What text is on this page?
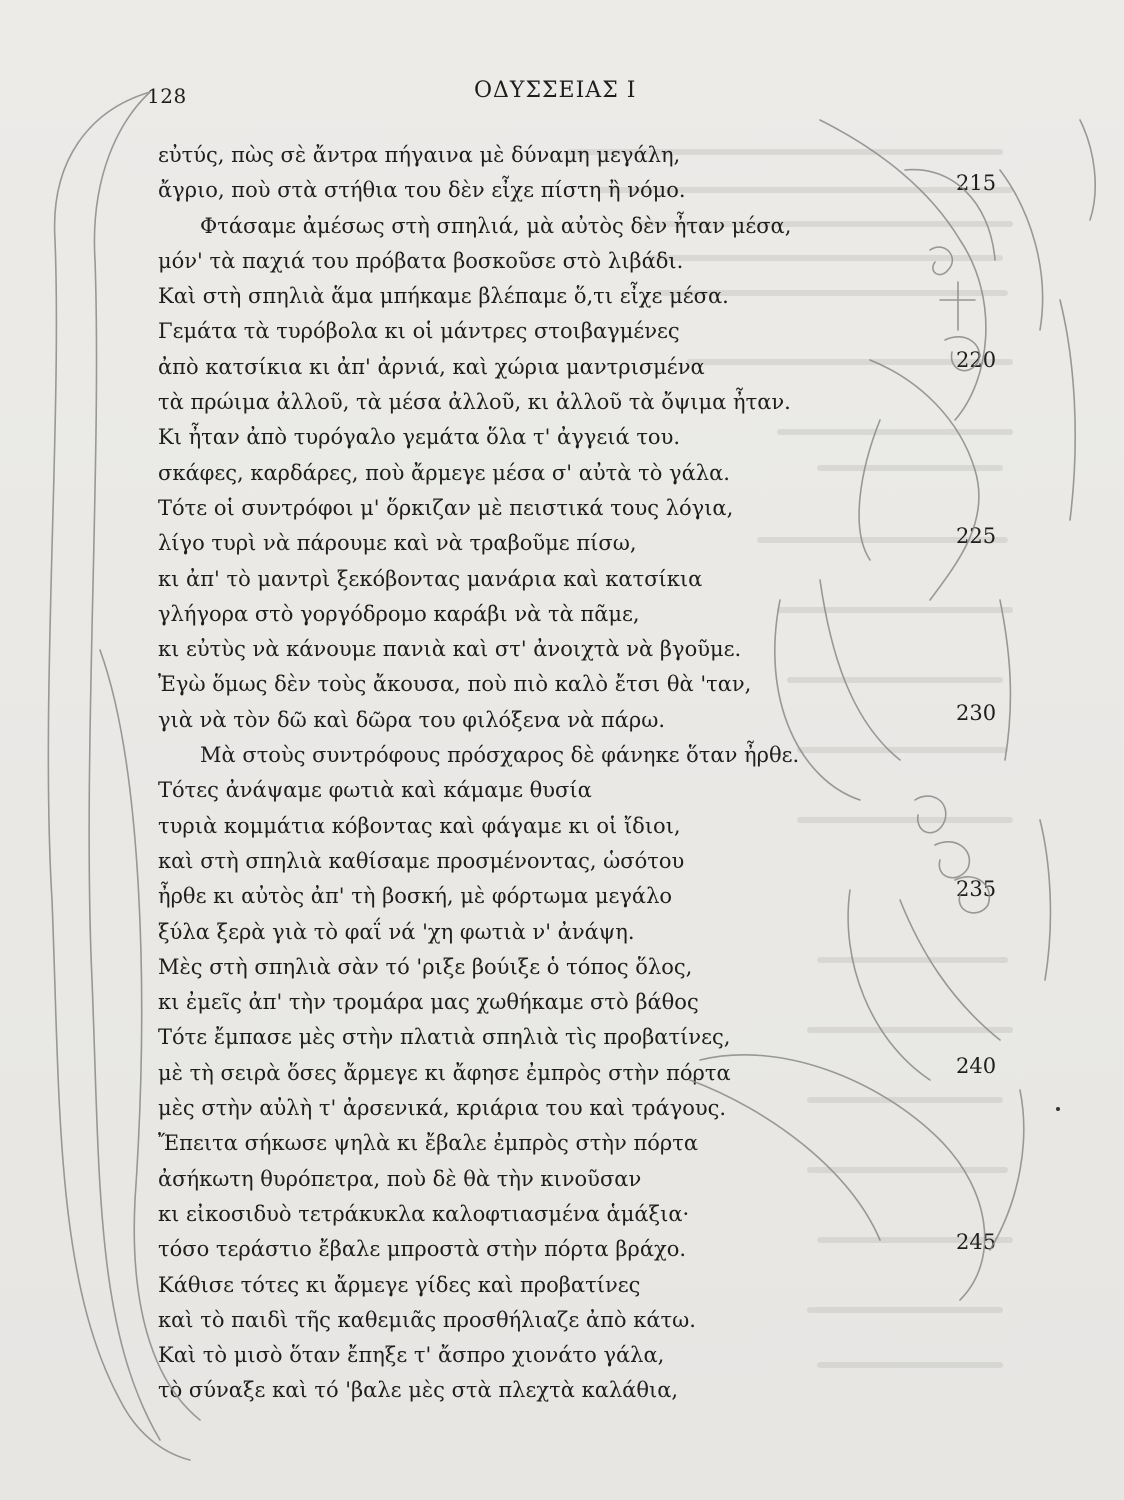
128	ΟΔΥΣΣΕΙΑΣ Ι
εὐτύς, πὼς σὲ ἄντρα πήγαινα μὲ δύναμη μεγάλη,
ἄγριο, ποὺ στὰ στήθια του δὲν εἶχε πίστη ἢ νόμο.	215
Φτάσαμε ἀμέσως στὴ σπηλιά, μὰ αὐτὸς δὲν ἦταν μέσα,
μόν' τὰ παχιά του πρόβατα βοσκοῦσε στὸ λιβάδι.
Καὶ στὴ σπηλιὰ ἅμα μπήκαμε βλέπαμε ὅ,τι εἶχε μέσα.
Γεμάτα τὰ τυρόβολα κι οἱ μάντρες στοιβαγμένες
ἀπὸ κατσίκια κι ἀπ' ἀρνιά, καὶ χώρια μαντρισμένα	220
τὰ πρώιμα ἀλλοῦ, τὰ μέσα ἀλλοῦ, κι ἀλλοῦ τὰ ὄψιμα ἦταν.
Κι ἦταν ἀπὸ τυρόγαλο γεμάτα ὅλα τ' ἀγγειά του.
σκάφες, καρδάρες, ποὺ ἄρμεγε μέσα σ' αὐτὰ τὸ γάλα.
Τότε οἱ συντρόφοι μ' ὅρκιζαν μὲ πειστικά τους λόγια,
λίγο τυρὶ νὰ πάρουμε καὶ νὰ τραβοῦμε πίσω,	225
κι ἀπ' τὸ μαντρὶ ξεκόβοντας μανάρια καὶ κατσίκια
γλήγορα στὸ γοργόδρομο καράβι νὰ τὰ πᾶμε,
κι εὐτὺς νὰ κάνουμε πανιὰ καὶ στ' ἀνοιχτὰ νὰ βγοῦμε.
Ἐγὼ ὅμως δὲν τοὺς ἄκουσα, ποὺ πιὸ καλὸ ἔτσι θὰ 'ταν,
γιὰ νὰ τὸν δῶ καὶ δῶρα του φιλόξενα νὰ πάρω.	230
Μὰ στοὺς συντρόφους πρόσχαρος δὲ φάνηκε ὅταν ἦρθε.
Τότες ἀνάψαμε φωτιὰ καὶ κάμαμε θυσία
τυριὰ κομμάτια κόβοντας καὶ φάγαμε κι οἱ ἴδιοι,
καὶ στὴ σπηλιὰ καθίσαμε προσμένοντας, ὡσότου
ἦρθε κι αὐτὸς ἀπ' τὴ βοσκή, μὲ φόρτωμα μεγάλο	235
ξύλα ξερὰ γιὰ τὸ φαΐ νά 'χη φωτιὰ ν' ἀνάψη.
Μὲς στὴ σπηλιὰ σὰν τό 'ριξε βούιξε ὁ τόπος ὅλος,
κι ἐμεῖς ἀπ' τὴν τρομάρα μας χωθήκαμε στὸ βάθος
Τότε ἔμπασε μὲς στὴν πλατιὰ σπηλιὰ τὶς προβατίνες,
μὲ τὴ σειρὰ ὅσες ἄρμεγε κι ἄφησε ἐμπρὸς στὴν πόρτα	240
μὲς στὴν αὐλὴ τ' ἀρσενικά, κριάρια του καὶ τράγους.
Ἔπειτα σήκωσε ψηλὰ κι ἔβαλε ἐμπρὸς στὴν πόρτα
ἀσήκωτη θυρόπετρα, ποὺ δὲ θὰ τὴν κινοῦσαν
κι εἰκοσιδυὸ τετράκυκλα καλοφτιασμένα ἁμάξια·
τόσο τεράστιο ἔβαλε μπροστὰ στὴν πόρτα βράχο.	245
Κάθισε τότες κι ἄρμεγε γίδες καὶ προβατίνες
καὶ τὸ παιδὶ τῆς καθεμιᾶς προσθήλιαζε ἀπὸ κάτω.
Καὶ τὸ μισὸ ὅταν ἔπηξε τ' ἄσπρο χιονάτο γάλα,
τὸ σύναξε καὶ τό 'βαλε μὲς στὰ πλεχτὰ καλάθια,
